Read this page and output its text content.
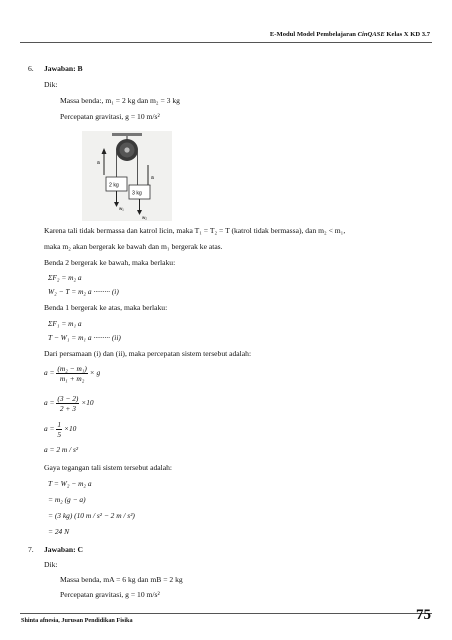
E-Modul Model Pembelajaran CinQASE Kelas X KD 3.7
6. Jawaban: B
Dik:
Massa benda:, m₁ = 2 kg dan m₂ = 3 kg
Percepatan gravitasi, g = 10 m/s²
a
a
2 kg
3 kg
w₁
w₂
Karena tali tidak bermassa dan katrol licin, maka T₁ = T₂ = T (katrol tidak bermassa), dan m₂ < m₁,
maka m₂ akan bergerak ke bawah dan m₁ bergerak ke atas.
Benda 2 bergerak ke bawah, maka berlaku:
ΣF₂ = m₂ a
W₂ − T = m₂ a ········· (i)
Benda 1 bergerak ke atas, maka berlaku:
ΣF₁ = m₁ a
T − W₁ = m₁ a ········· (ii)
Dari persamaan (i) dan (ii), maka percepatan sistem tersebut adalah:
$a = \frac{\text{(m₂ − m₁)}}{\text{m₁ + m₂}} \times g$
$a = \frac{(3 - 2)}{2 + 3} \times 10$
$a = \frac{1}{5} \times 10$
a = 2 m / s²
Gaya tegangan tali sistem tersebut adalah:
T = W₂ − m₂ a
= m₂ (g − a)
= (3 kg) (10 m / s² − 2 m / s²)
= 24 N
7. Jawaban: C
Dik:
Massa benda, mA = 6 kg dan mB = 2 kg
Percepatan gravitasi, g = 10 m/s²
Shinta afnesia, Jurusan Pendidikan Fisika	75
